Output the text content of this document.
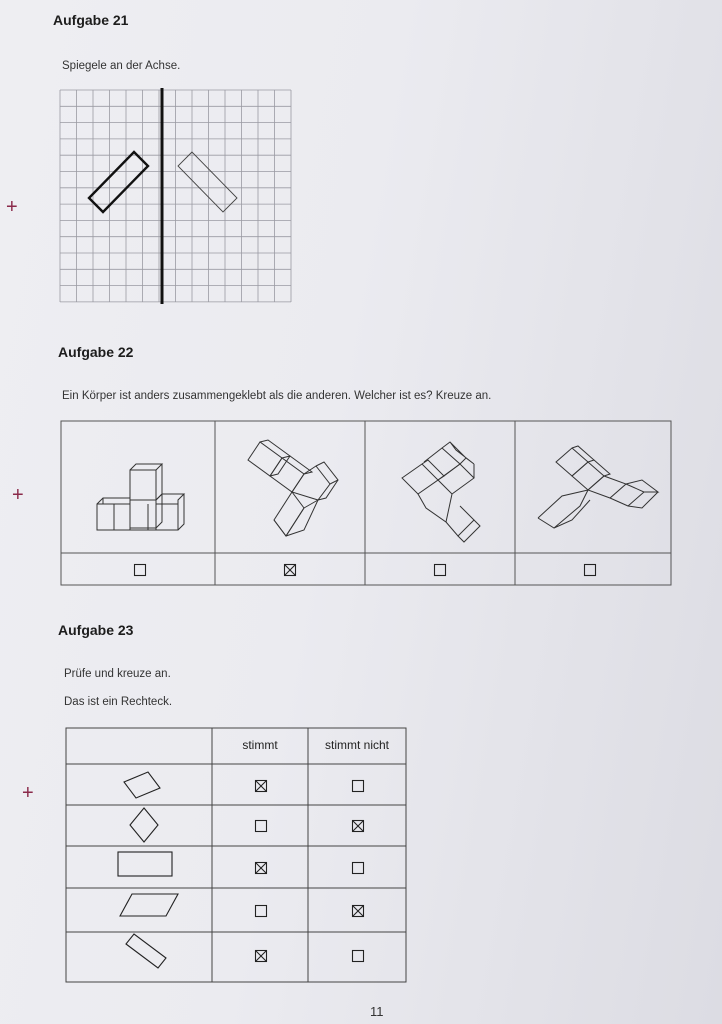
+
+
+
Aufgabe 21
Spiegele an der Achse.
Aufgabe 22
Ein Körper ist anders zusammengeklebt als die anderen. Welcher ist es? Kreuze an.
Aufgabe 23
Prüfe und kreuze an.
Das ist ein Rechteck.
stimmt	stimmt nicht
11
